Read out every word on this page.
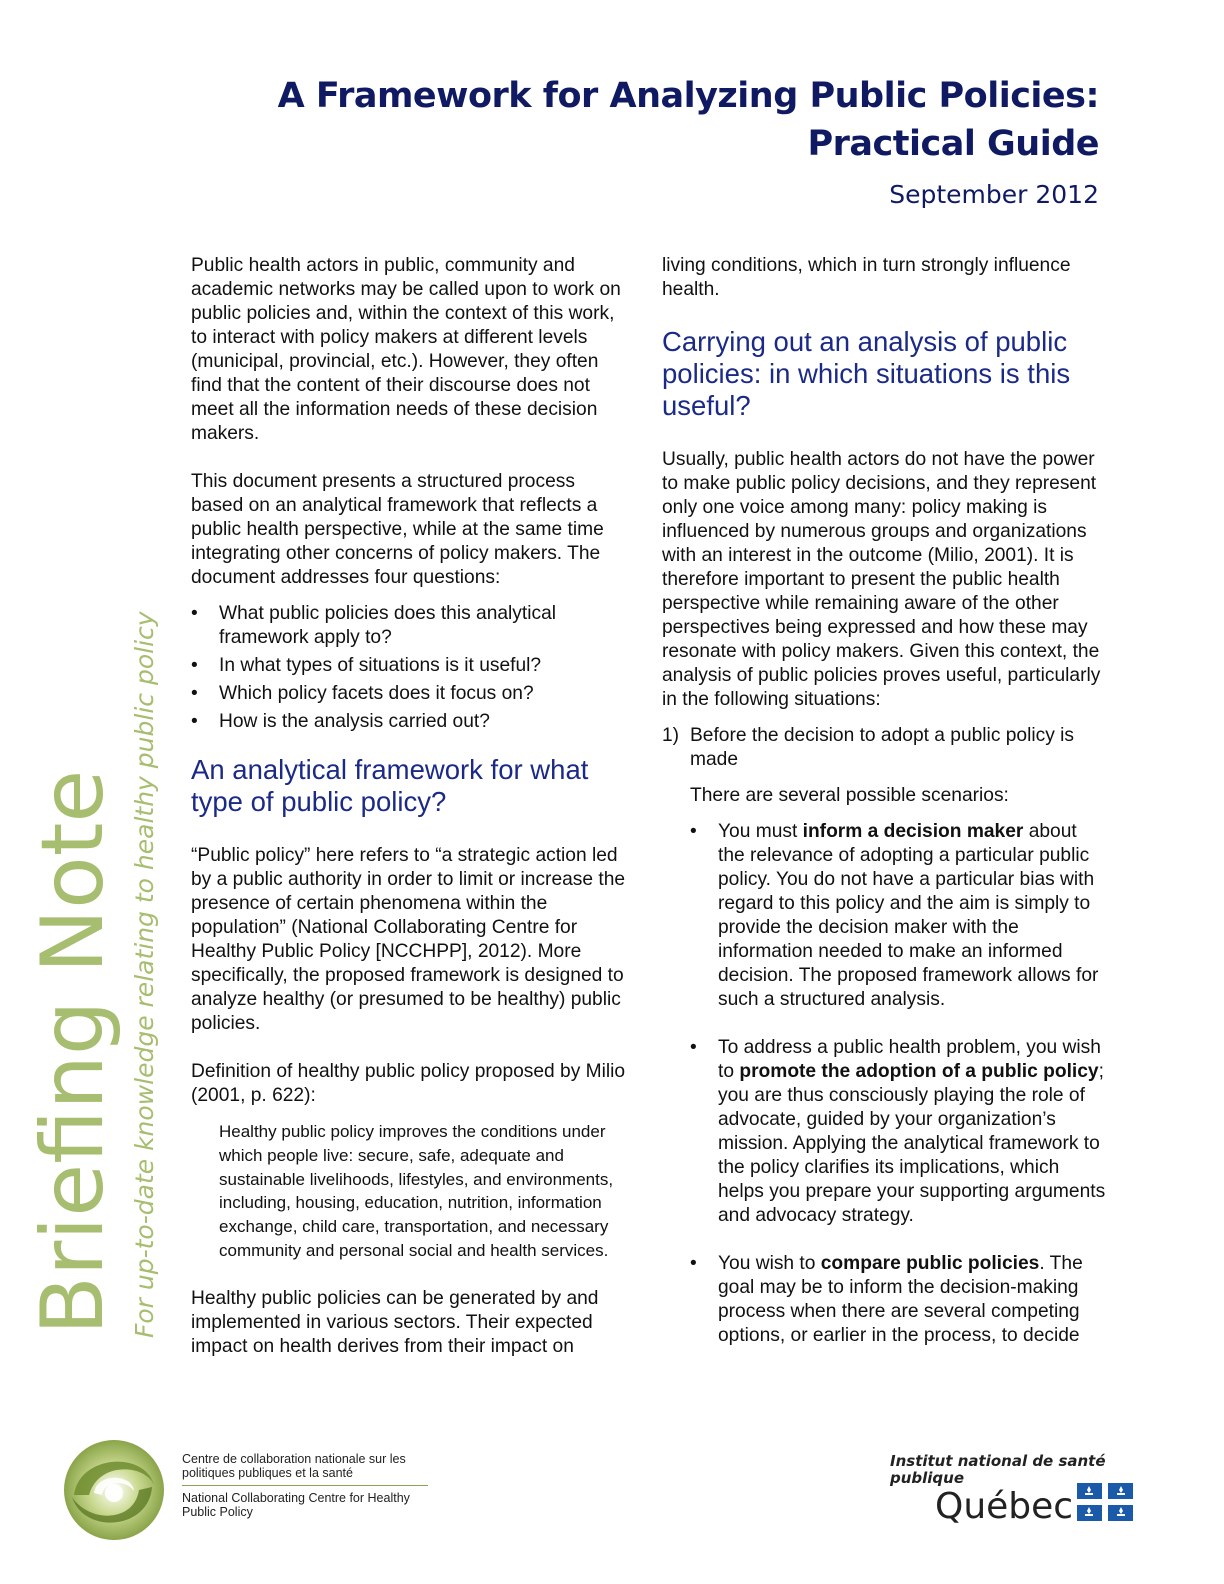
A Framework for Analyzing Public Policies:
Practical Guide
September 2012
Briefing Note For up-to-date knowledge relating to healthy public policy

Public health actors in public, community and academic networks may be called upon to work on public policies and, within the context of this work, to interact with policy makers at different levels (municipal, provincial, etc.). However, they often find that the content of their discourse does not meet all the information needs of these decision makers.

This document presents a structured process based on an analytical framework that reflects a public health perspective, while at the same time integrating other concerns of policy makers. The document addresses four questions:

• What public policies does this analytical framework apply to?
• In what types of situations is it useful?
• Which policy facets does it focus on?
• How is the analysis carried out?
An analytical framework for what type of public policy?

“Public policy” here refers to “a strategic action led by a public authority in order to limit or increase the presence of certain phenomena within the population” (National Collaborating Centre for Healthy Public Policy [NCCHPP], 2012). More specifically, the proposed framework is designed to analyze healthy (or presumed to be healthy) public policies.

Definition of healthy public policy proposed by Milio (2001, p. 622):

Healthy public policy improves the conditions under which people live: secure, safe, adequate and sustainable livelihoods, lifestyles, and environments, including, housing, education, nutrition, information exchange, child care, transportation, and necessary community and personal social and health services.

Healthy public policies can be generated by and implemented in various sectors. Their expected impact on health derives from their impact on

living conditions, which in turn strongly influence health.

Carrying out an analysis of public policies: in which situations is this useful?

Usually, public health actors do not have the power to make public policy decisions, and they represent only one voice among many: policy making is influenced by numerous groups and organizations with an interest in the outcome (Milio, 2001). It is therefore important to present the public health perspective while remaining aware of the other perspectives being expressed and how these may resonate with policy makers. Given this context, the analysis of public policies proves useful, particularly in the following situations:

1) Before the decision to adopt a public policy is made
There are several possible scenarios:
• You must inform a decision maker about the relevance of adopting a particular public policy. You do not have a particular bias with regard to this policy and the aim is simply to provide the decision maker with the information needed to make an informed decision. The proposed framework allows for such a structured analysis.
• To address a public health problem, you wish to promote the adoption of a public policy; you are thus consciously playing the role of advocate, guided by your organization’s mission. Applying the analytical framework to the policy clarifies its implications, which helps you prepare your supporting arguments and advocacy strategy.
• You wish to compare public policies. The goal may be to inform the decision-making process when there are several competing options, or earlier in the process, to decide
Centre de collaboration nationale sur les politiques publiques et la santé
National Collaborating Centre for Healthy Public Policy
Institut national de santé publique
Québec
